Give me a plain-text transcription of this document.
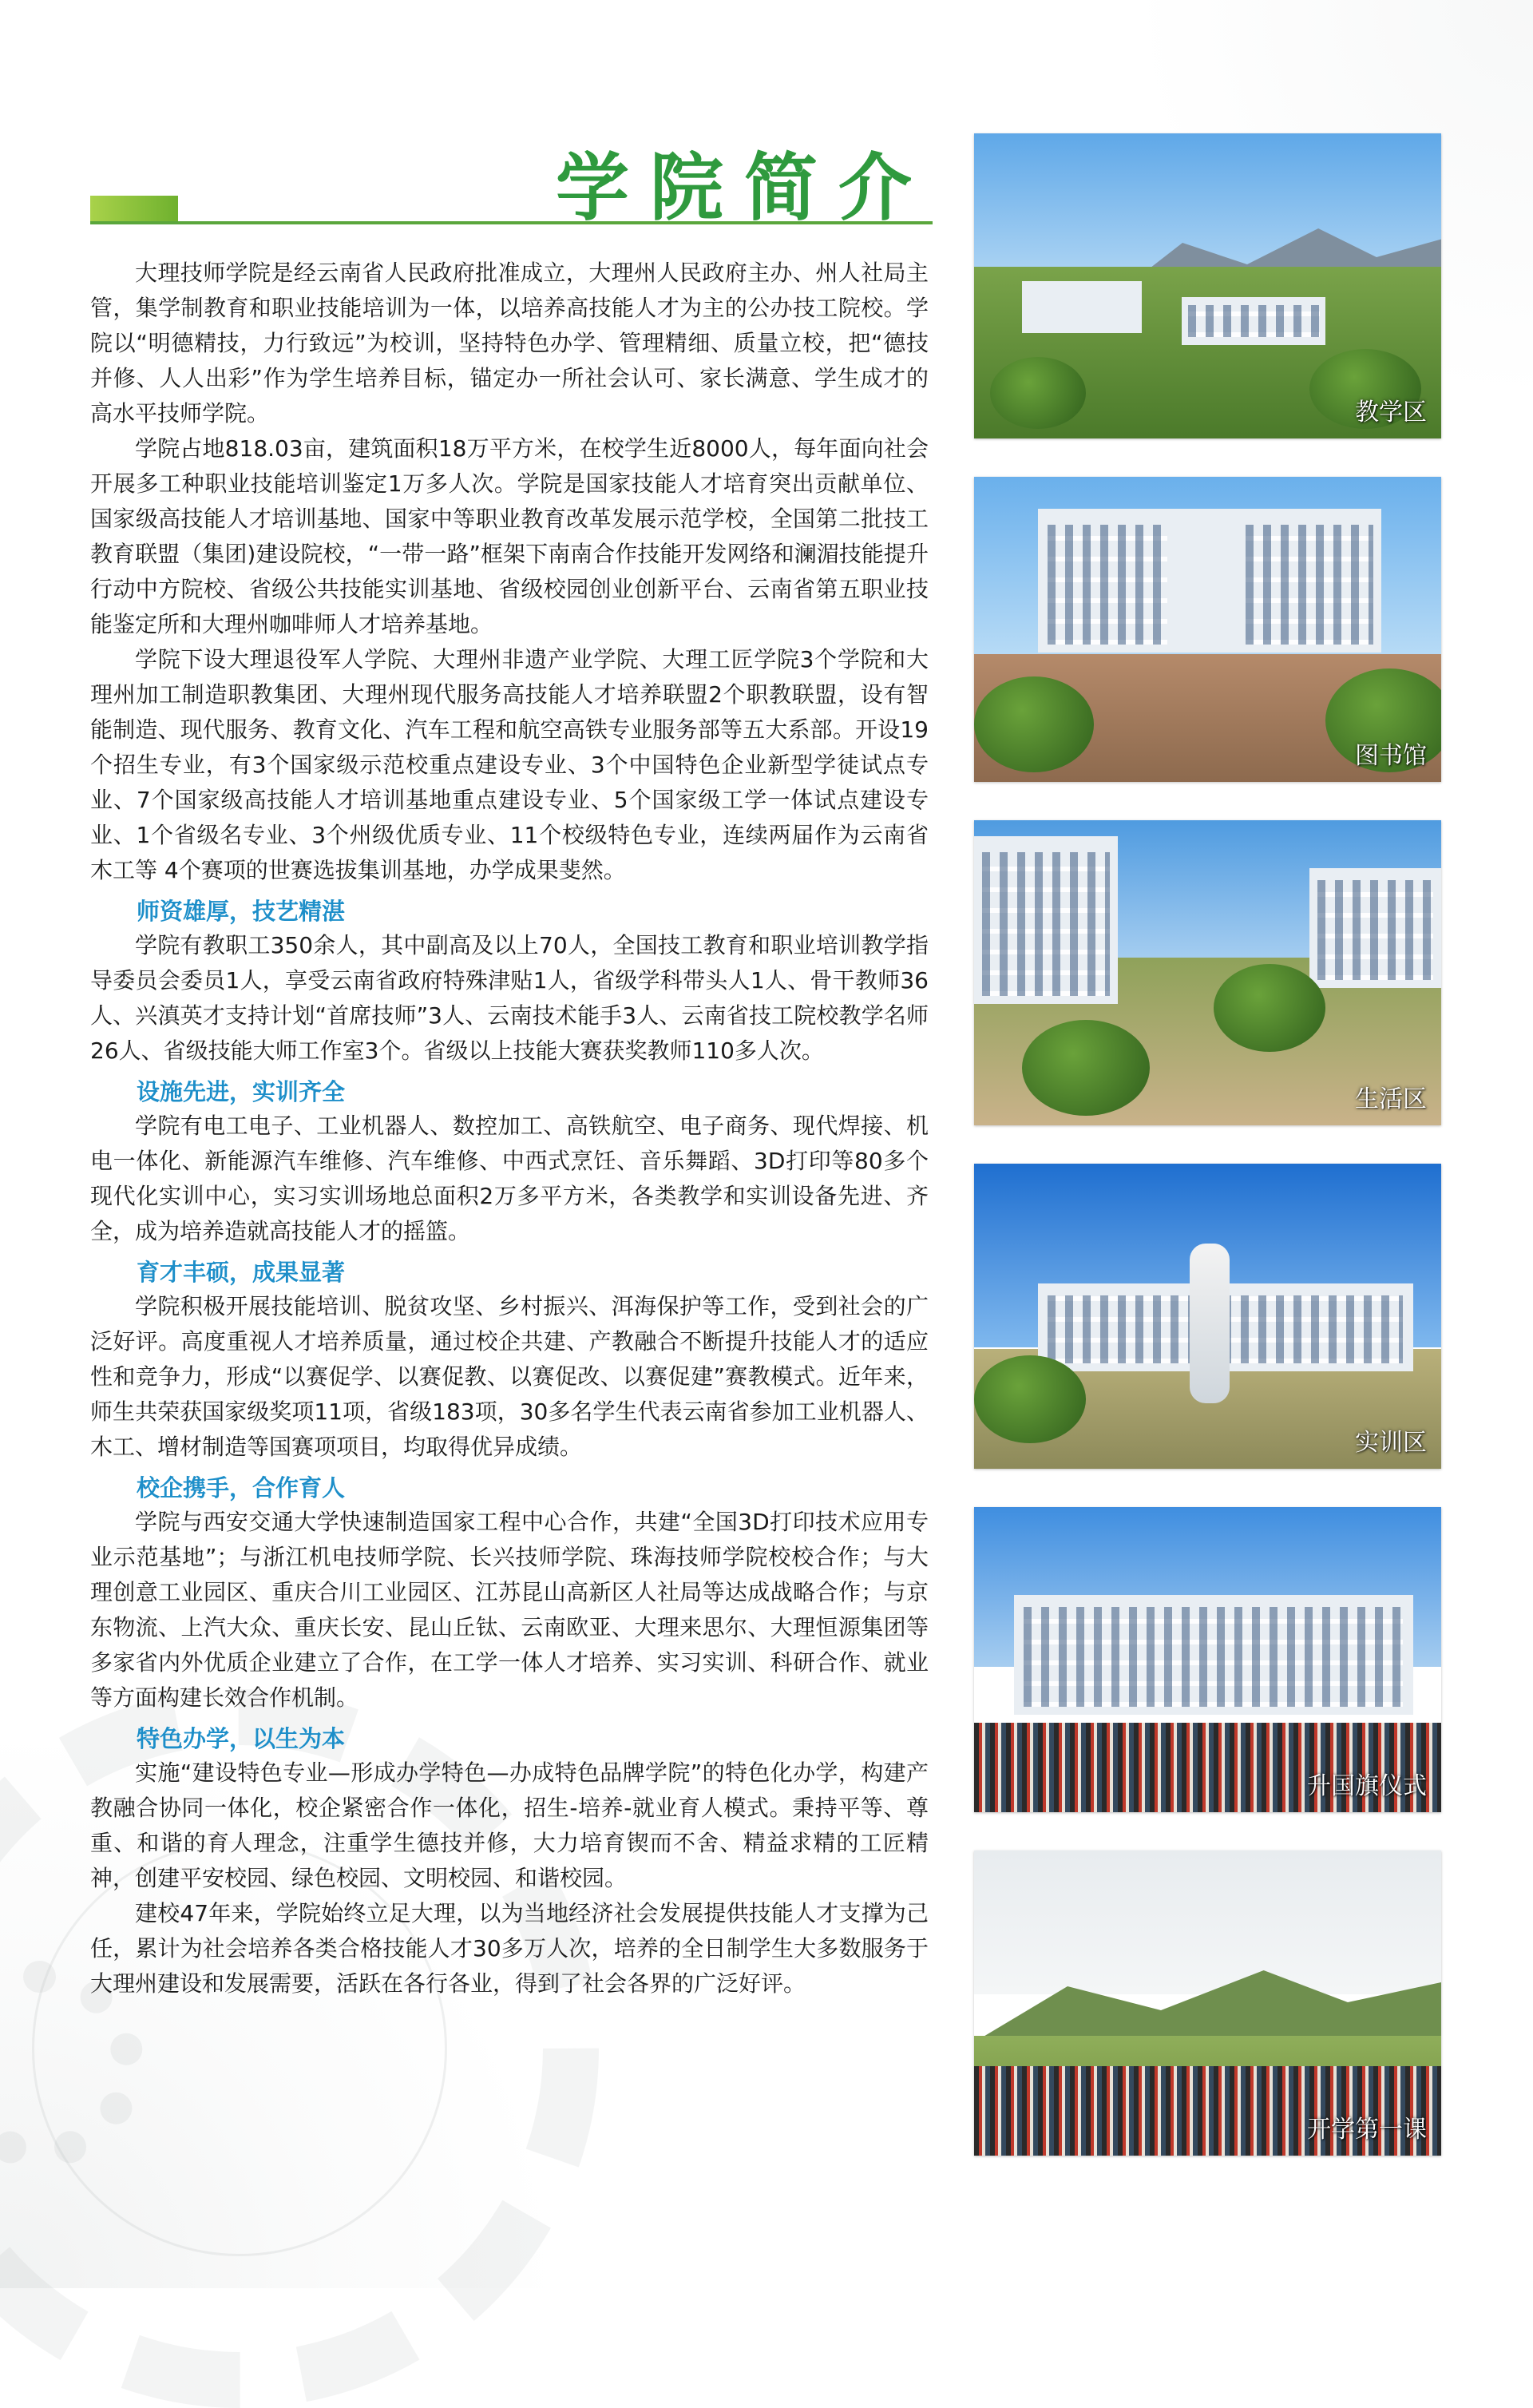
学院简介

大理技师学院是经云南省人民政府批准成立，大理州人民政府主办、州人社局主管，集学制教育和职业技能培训为一体，以培养高技能人才为主的公办技工院校。学院以“明德精技，力行致远”为校训，坚持特色办学、管理精细、质量立校，把“德技并修、人人出彩”作为学生培养目标，锚定办一所社会认可、家长满意、学生成才的高水平技师学院。

学院占地818.03亩，建筑面积18万平方米，在校学生近8000人，每年面向社会开展多工种职业技能培训鉴定1万多人次。学院是国家技能人才培育突出贡献单位、国家级高技能人才培训基地、国家中等职业教育改革发展示范学校，全国第二批技工教育联盟（集团)建设院校，“一带一路”框架下南南合作技能开发网络和澜湄技能提升行动中方院校、省级公共技能实训基地、省级校园创业创新平台、云南省第五职业技能鉴定所和大理州咖啡师人才培养基地。

学院下设大理退役军人学院、大理州非遗产业学院、大理工匠学院3个学院和大理州加工制造职教集团、大理州现代服务高技能人才培养联盟2个职教联盟，设有智能制造、现代服务、教育文化、汽车工程和航空高铁专业服务部等五大系部。开设19个招生专业，有3个国家级示范校重点建设专业、3个中国特色企业新型学徒试点专业、7个国家级高技能人才培训基地重点建设专业、5个国家级工学一体试点建设专业、1个省级名专业、3个州级优质专业、11个校级特色专业，连续两届作为云南省木工等 4个赛项的世赛选拔集训基地，办学成果斐然。

师资雄厚，技艺精湛

学院有教职工350余人，其中副高及以上70人，全国技工教育和职业培训教学指导委员会委员1人，享受云南省政府特殊津贴1人，省级学科带头人1人、骨干教师36人、兴滇英才支持计划“首席技师”3人、云南技术能手3人、云南省技工院校教学名师26人、省级技能大师工作室3个。省级以上技能大赛获奖教师110多人次。

设施先进，实训齐全

学院有电工电子、工业机器人、数控加工、高铁航空、电子商务、现代焊接、机电一体化、新能源汽车维修、汽车维修、中西式烹饪、音乐舞蹈、3D打印等80多个现代化实训中心，实习实训场地总面积2万多平方米，各类教学和实训设备先进、齐全，成为培养造就高技能人才的摇篮。

育才丰硕，成果显著

学院积极开展技能培训、脱贫攻坚、乡村振兴、洱海保护等工作，受到社会的广泛好评。高度重视人才培养质量，通过校企共建、产教融合不断提升技能人才的适应性和竞争力，形成“以赛促学、以赛促教、以赛促改、以赛促建”赛教模式。近年来，师生共荣获国家级奖项11项，省级183项，30多名学生代表云南省参加工业机器人、木工、增材制造等国赛项项目，均取得优异成绩。

校企携手，合作育人

学院与西安交通大学快速制造国家工程中心合作，共建“全国3D打印技术应用专业示范基地”；与浙江机电技师学院、长兴技师学院、珠海技师学院校校合作；与大理创意工业园区、重庆合川工业园区、江苏昆山高新区人社局等达成战略合作；与京东物流、上汽大众、重庆长安、昆山丘钛、云南欧亚、大理来思尔、大理恒源集团等多家省内外优质企业建立了合作，在工学一体人才培养、实习实训、科研合作、就业等方面构建长效合作机制。

特色办学，以生为本

实施“建设特色专业—形成办学特色—办成特色品牌学院”的特色化办学，构建产教融合协同一体化，校企紧密合作一体化，招生-培养-就业育人模式。秉持平等、尊重、和谐的育人理念，注重学生德技并修，大力培育锲而不舍、精益求精的工匠精神，创建平安校园、绿色校园、文明校园、和谐校园。

建校47年来，学院始终立足大理，以为当地经济社会发展提供技能人才支撑为己任，累计为社会培养各类合格技能人才30多万人次，培养的全日制学生大多数服务于大理州建设和发展需要，活跃在各行各业，得到了社会各界的广泛好评。

教学区
图书馆
生活区
实训区
升国旗仪式
开学第一课
